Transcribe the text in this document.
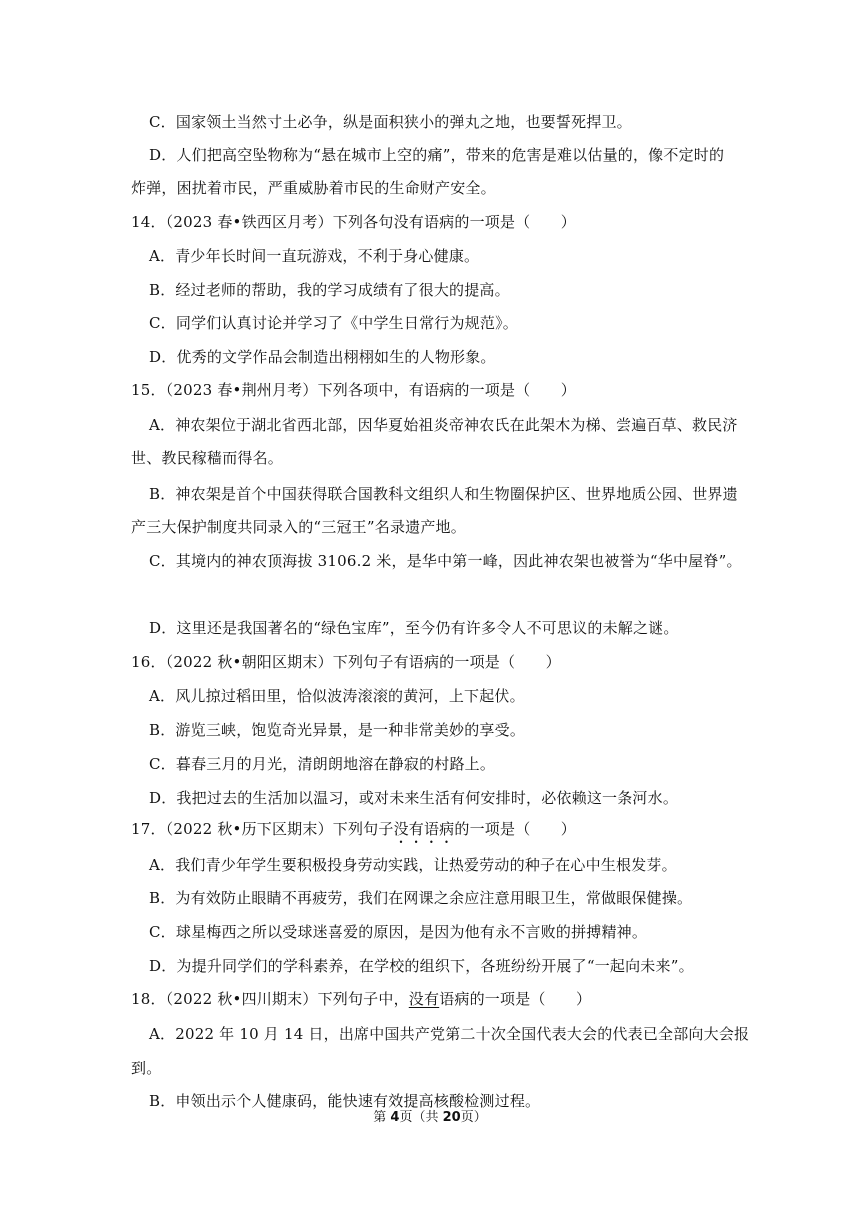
C．国家领土当然寸土必争，纵是面积狭小的弹丸之地，也要誓死捍卫。
D．人们把高空坠物称为“悬在城市上空的痛”，带来的危害是难以估量的，像不定时的
炸弹，困扰着市民，严重威胁着市民的生命财产安全。
14．（2023 春•铁西区月考）下列各句没有语病的一项是（　　）
A．青少年长时间一直玩游戏，不利于身心健康。
B．经过老师的帮助，我的学习成绩有了很大的提高。
C．同学们认真讨论并学习了《中学生日常行为规范》。
D．优秀的文学作品会制造出栩栩如生的人物形象。
15．（2023 春•荆州月考）下列各项中，有语病的一项是（　　）
A．神农架位于湖北省西北部，因华夏始祖炎帝神农氏在此架木为梯、尝遍百草、救民济
世、教民稼穑而得名。
B．神农架是首个中国获得联合国教科文组织人和生物圈保护区、世界地质公园、世界遗
产三大保护制度共同录入的“三冠王”名录遗产地。
C．其境内的神农顶海拔 3106.2 米，是华中第一峰，因此神农架也被誉为“华中屋脊”。
D．这里还是我国著名的“绿色宝库”，至今仍有许多令人不可思议的未解之谜。
16．（2022 秋•朝阳区期末）下列句子有语病的一项是（　　）
A．风儿掠过稻田里，恰似波涛滚滚的黄河，上下起伏。
B．游览三峡，饱览奇光异景，是一种非常美妙的享受。
C．暮春三月的月光，清朗朗地溶在静寂的村路上。
D．我把过去的生活加以温习，或对未来生活有何安排时，必依赖这一条河水。
17．（2022 秋•历下区期末）下列句子没有语病的一项是（　　）
A．我们青少年学生要积极投身劳动实践，让热爱劳动的种子在心中生根发芽。
B．为有效防止眼睛不再疲劳，我们在网课之余应注意用眼卫生，常做眼保健操。
C．球星梅西之所以受球迷喜爱的原因，是因为他有永不言败的拼搏精神。
D．为提升同学们的学科素养，在学校的组织下，各班纷纷开展了“一起向未来”。
18．（2022 秋•四川期末）下列句子中，没有语病的一项是（　　）
A．2022 年 10 月 14 日，出席中国共产党第二十次全国代表大会的代表已全部向大会报
到。
B．申领出示个人健康码，能快速有效提高核酸检测过程。
第 4页（共 20页）
